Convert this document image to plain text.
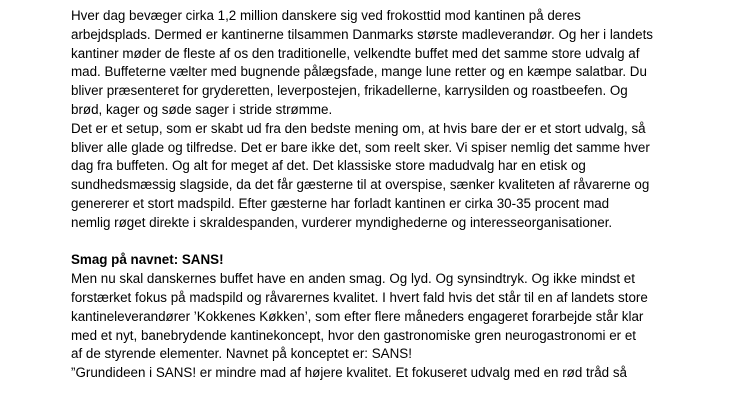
Hver dag bevæger cirka 1,2 million danskere sig ved frokosttid mod kantinen på deres
arbejdsplads. Dermed er kantinerne tilsammen Danmarks største madleverandør. Og her i landets
kantiner møder de fleste af os den traditionelle, velkendte buffet med det samme store udvalg af
mad. Buffeterne vælter med bugnende pålægsfade, mange lune retter og en kæmpe salatbar. Du
bliver præsenteret for gryderetten, leverpostejen, frikadellerne, karrysilden og roastbeefen. Og
brød, kager og søde sager i stride strømme.
Det er et setup, som er skabt ud fra den bedste mening om, at hvis bare der er et stort udvalg, så
bliver alle glade og tilfredse. Det er bare ikke det, som reelt sker. Vi spiser nemlig det samme hver
dag fra buffeten. Og alt for meget af det. Det klassiske store madudvalg har en etisk og
sundhedsmæssig slagside, da det får gæsterne til at overspise, sænker kvaliteten af råvarerne og
genererer et stort madspild. Efter gæsterne har forladt kantinen er cirka 30-35 procent mad
nemlig røget direkte i skraldespanden, vurderer myndighederne og interesseorganisationer.
Smag på navnet: SANS!
Men nu skal danskernes buffet have en anden smag. Og lyd. Og synsindtryk. Og ikke mindst et
forstærket fokus på madspild og råvarernes kvalitet. I hvert fald hvis det står til en af landets store
kantineleverandører ’Kokkenes Køkken’, som efter flere måneders engageret forarbejde står klar
med et nyt, banebrydende kantinekoncept, hvor den gastronomiske gren neurogastronomi er et
af de styrende elementer. Navnet på konceptet er: SANS!
”Grundideen i SANS! er mindre mad af højere kvalitet. Et fokuseret udvalg med en rød tråd så
